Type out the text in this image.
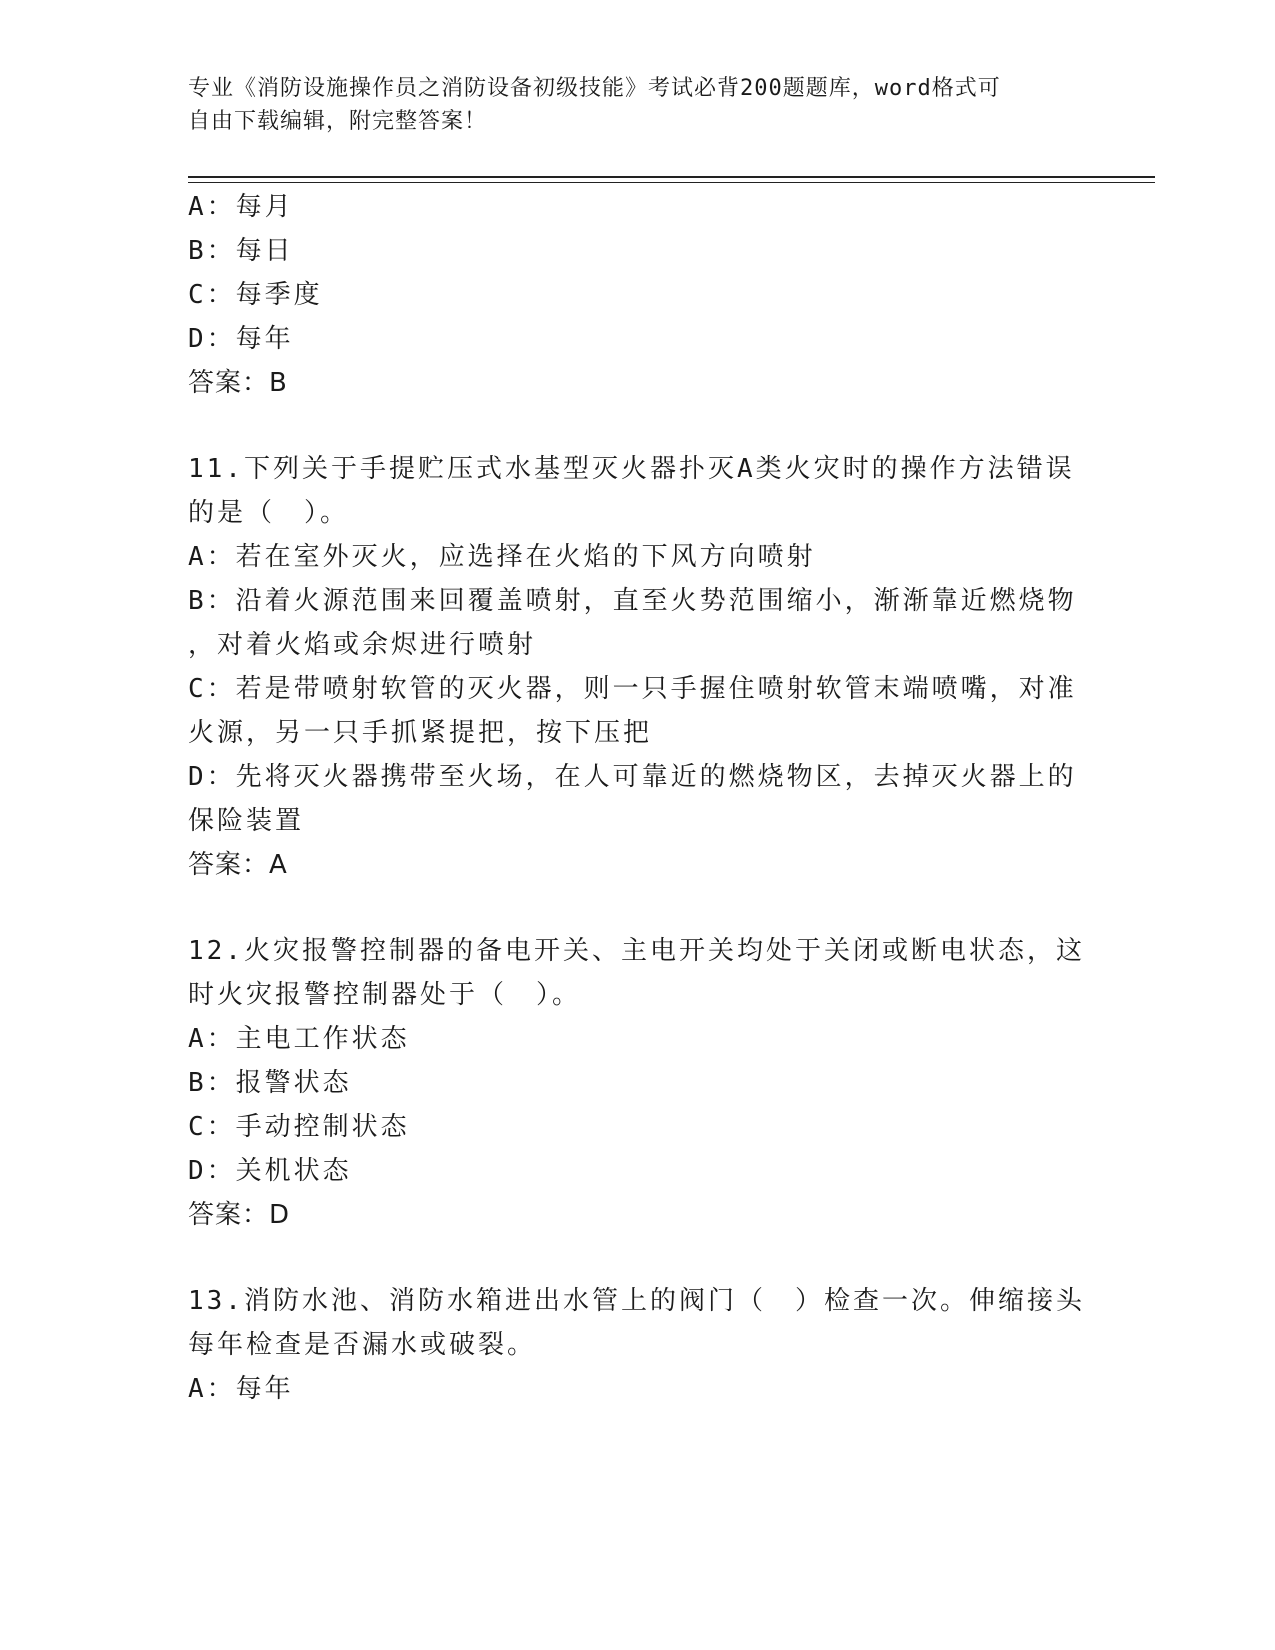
专业《消防设施操作员之消防设备初级技能》考试必背200题题库，word格式可
自由下载编辑，附完整答案！
A：每月
B：每日
C：每季度
D：每年
答案：B
11.下列关于手提贮压式水基型灭火器扑灭A类火灾时的操作方法错误
的是（　）。
A：若在室外灭火，应选择在火焰的下风方向喷射
B：沿着火源范围来回覆盖喷射，直至火势范围缩小，渐渐靠近燃烧物
，对着火焰或余烬进行喷射
C：若是带喷射软管的灭火器，则一只手握住喷射软管末端喷嘴，对准
火源，另一只手抓紧提把，按下压把
D：先将灭火器携带至火场，在人可靠近的燃烧物区，去掉灭火器上的
保险装置
答案：A
12.火灾报警控制器的备电开关、主电开关均处于关闭或断电状态，这
时火灾报警控制器处于（　）。
A：主电工作状态
B：报警状态
C：手动控制状态
D：关机状态
答案：D
13.消防水池、消防水箱进出水管上的阀门（　）检查一次。伸缩接头
每年检查是否漏水或破裂。
A：每年
